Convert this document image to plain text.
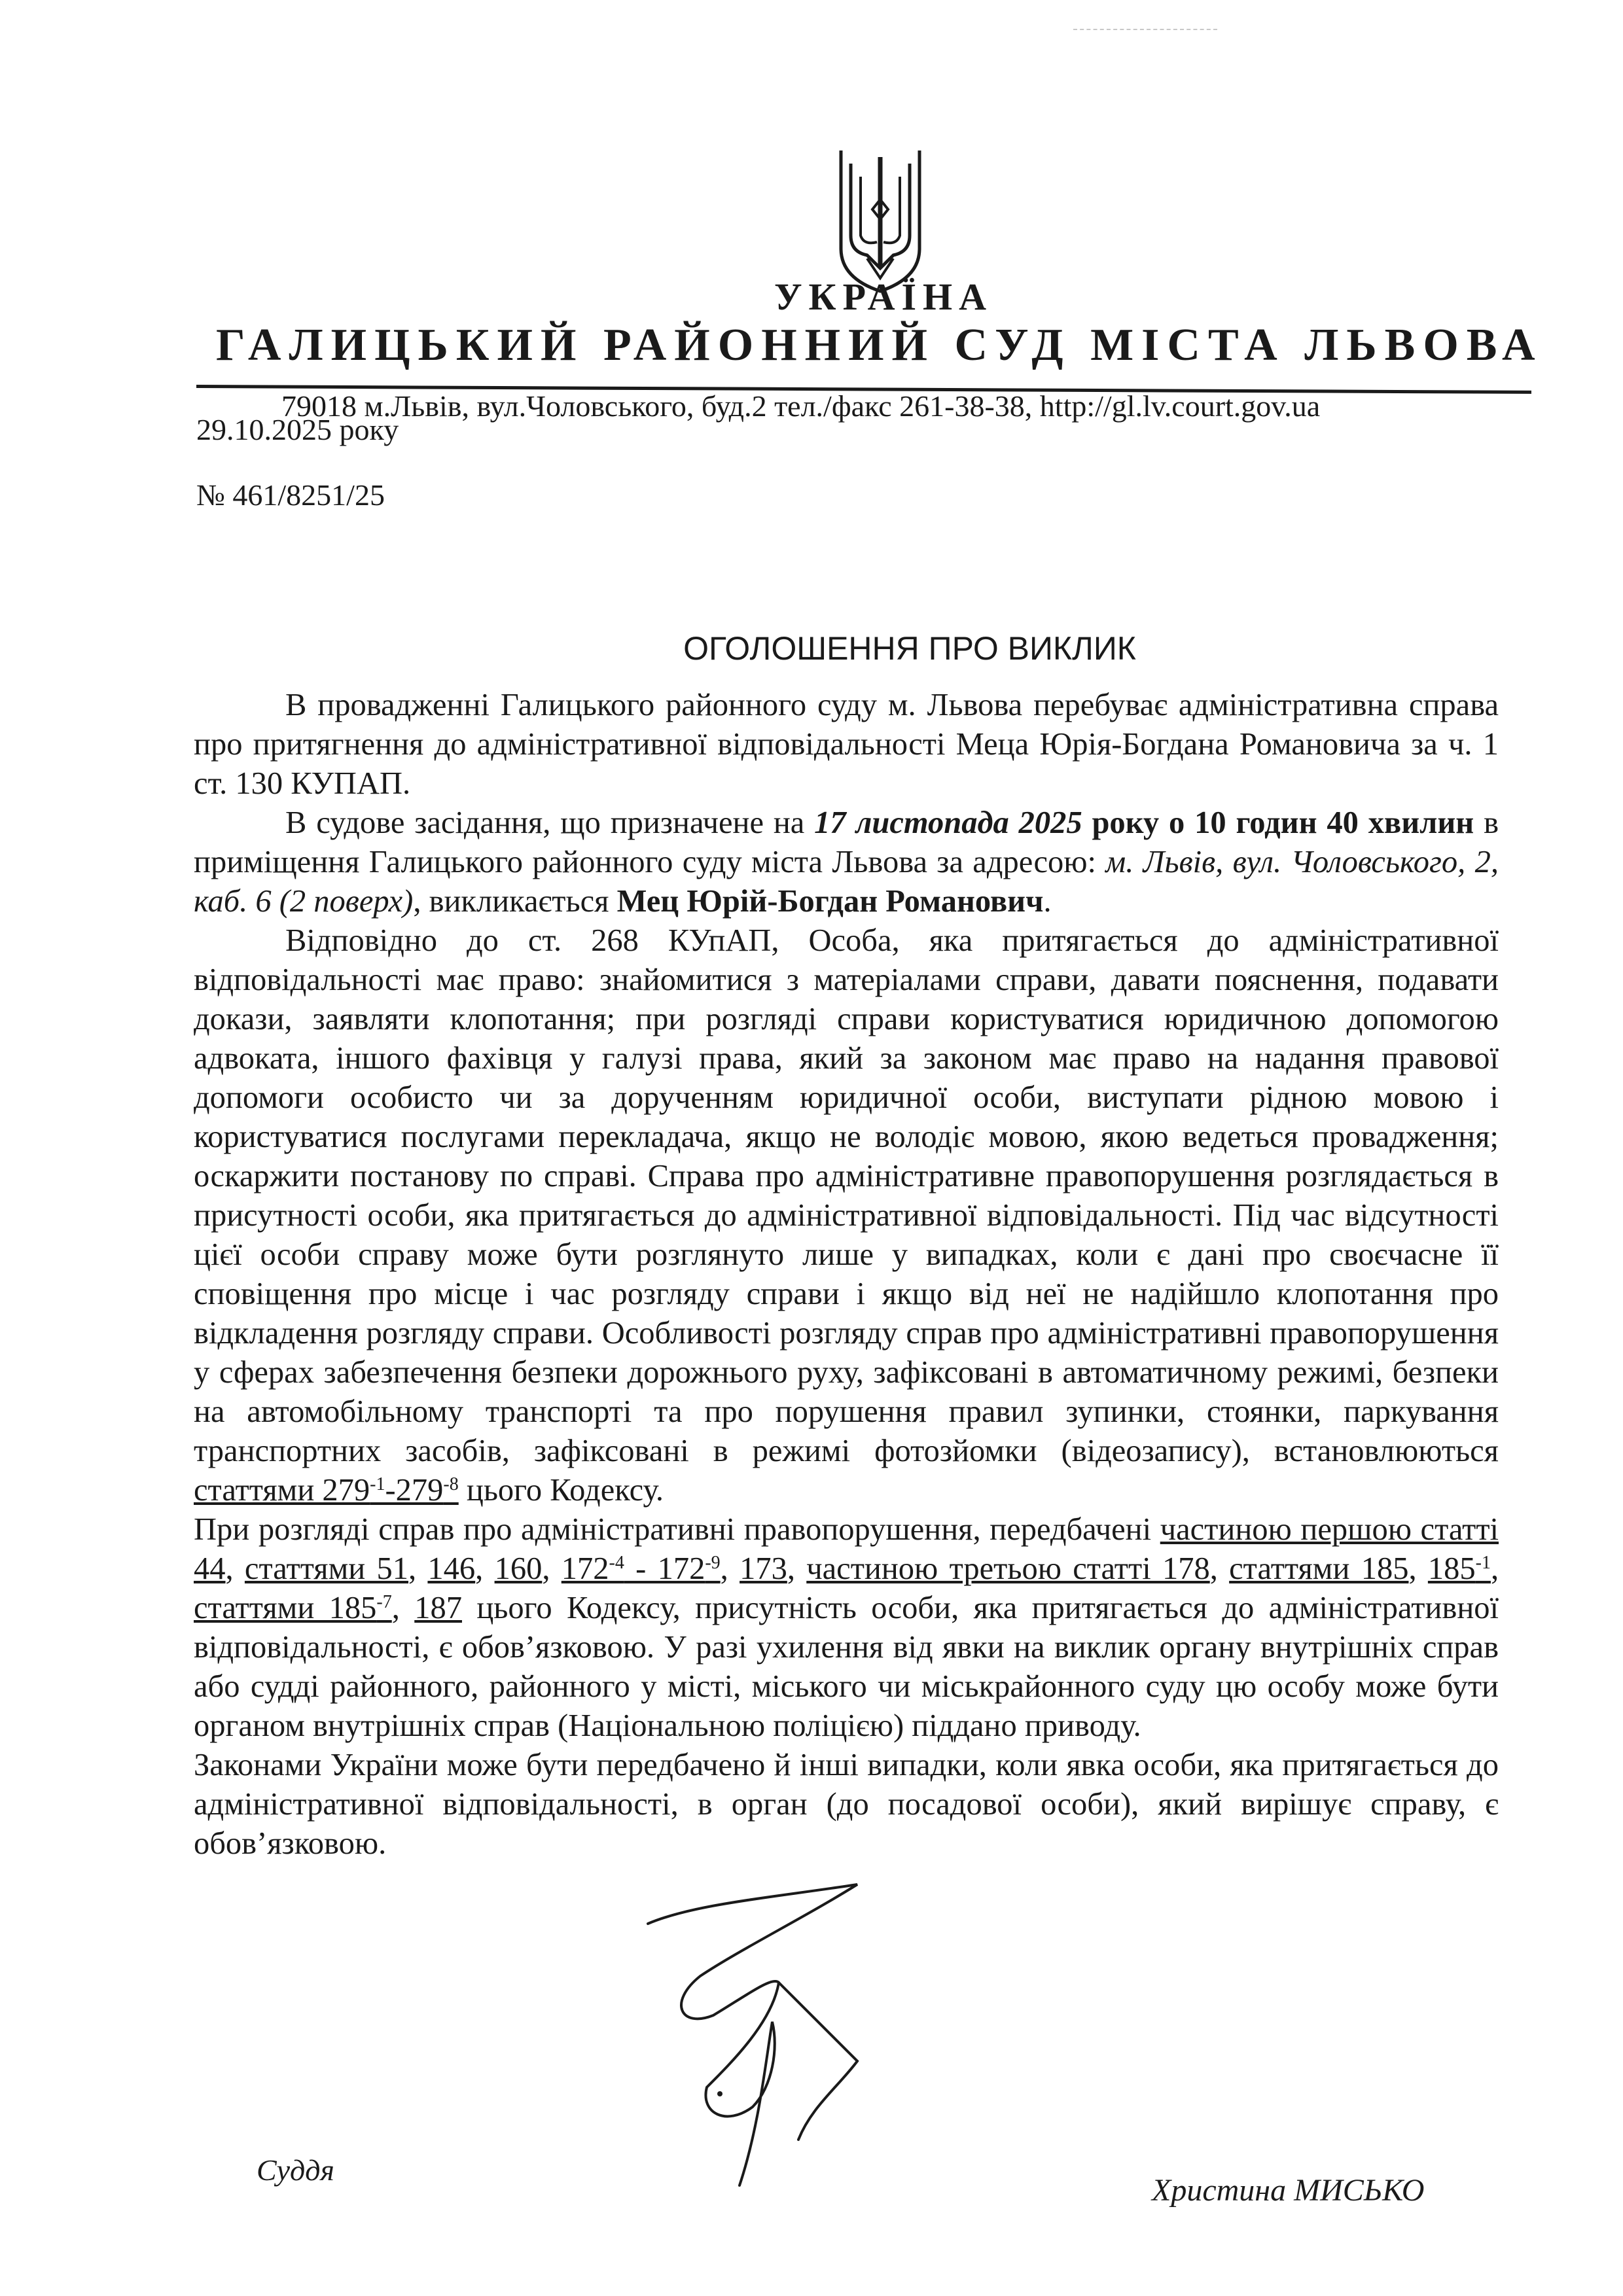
УКРАЇНА
ГАЛИЦЬКИЙ РАЙОННИЙ СУД МІСТА ЛЬВОВА
79018 м.Львів, вул.Чоловського, буд.2 тел./факс 261-38-38, http://gl.lv.court.gov.ua
29.10.2025 року
№ 461/8251/25
ОГОЛОШЕННЯ ПРО ВИКЛИК

В провадженні Галицького районного суду м. Львова перебуває адміністративна справа про притягнення до адміністративної відповідальності Меца Юрія-Богдана Романовича за ч. 1 ст. 130 КУПАП.

В судове засідання, що призначене на 17 листопада 2025 року о 10 годин 40 хвилин в приміщення Галицького районного суду міста Львова за адресою: м. Львів, вул. Чоловського, 2, каб. 6 (2 поверх), викликається Мец Юрій-Богдан Романович.

Відповідно до ст. 268 КУпАП, Особа, яка притягається до адміністративної відповідальності має право: знайомитися з матеріалами справи, давати пояснення, подавати докази, заявляти клопотання; при розгляді справи користуватися юридичною допомогою адвоката, іншого фахівця у галузі права, який за законом має право на надання правової допомоги особисто чи за дорученням юридичної особи, виступати рідною мовою і користуватися послугами перекладача, якщо не володіє мовою, якою ведеться провадження; оскаржити постанову по справі. Справа про адміністративне правопорушення розглядається в присутності особи, яка притягається до адміністративної відповідальності. Під час відсутності цієї особи справу може бути розглянуто лише у випадках, коли є дані про своєчасне її сповіщення про місце і час розгляду справи і якщо від неї не надійшло клопотання про відкладення розгляду справи. Особливості розгляду справ про адміністративні правопорушення у сферах забезпечення безпеки дорожнього руху, зафіксовані в автоматичному режимі, безпеки на автомобільному транспорті та про порушення правил зупинки, стоянки, паркування транспортних засобів, зафіксовані в режимі фотозйомки (відеозапису), встановлюються статтями $279^{-1}-279^{-8}$ цього Кодексу.

При розгляді справ про адміністративні правопорушення, передбачені частиною першою статті 44, статтями 51, 146, 160, $172^{-4} - 172^{-9}$, 173, частиною третьою статті 178, статтями 185, $185^{-1}$, статтями $185^{-7}$, 187 цього Кодексу, присутність особи, яка притягається до адміністративної відповідальності, є обов’язковою. У разі ухилення від явки на виклик органу внутрішніх справ або судді районного, районного у місті, міського чи міськрайонного суду цю особу може бути органом внутрішніх справ (Національною поліцією) піддано приводу.

Законами України може бути передбачено й інші випадки, коли явка особи, яка притягається до адміністративної відповідальності, в орган (до посадової особи), який вирішує справу, є обов’язковою.

Суддя
Христина МИСЬКО
